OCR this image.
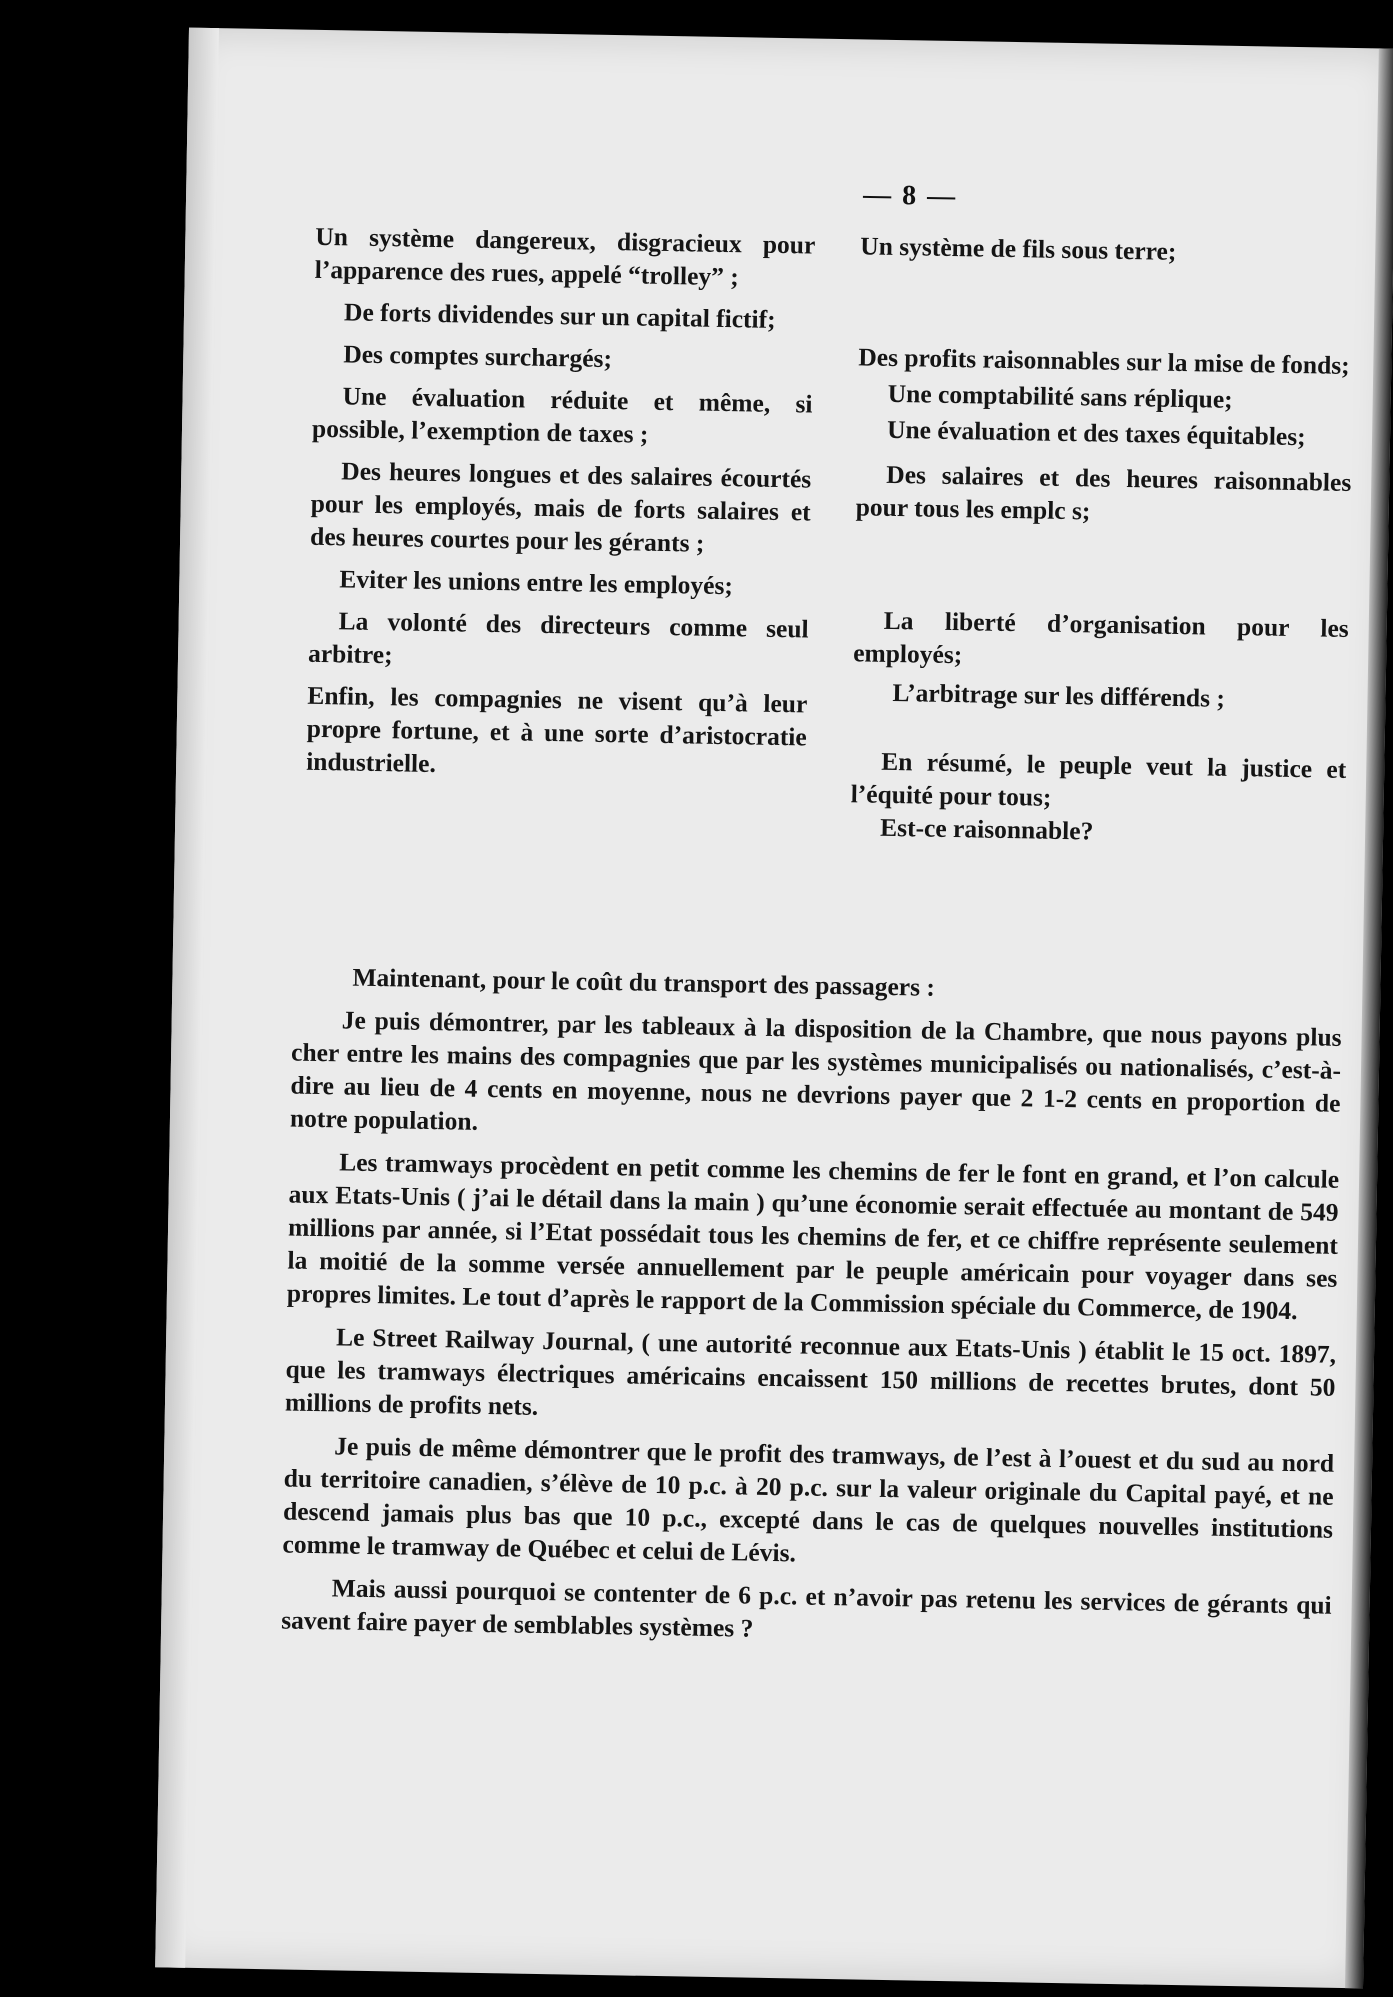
— 8 —

Un système dangereux, disgracieux pour l’apparence des rues, appelé “trolley” ;

De forts dividendes sur un capital fictif;

Des comptes surchargés;

Une évaluation réduite et même, si possible, l’exemption de taxes ;

Des heures longues et des salaires écourtés pour les employés, mais de forts salaires et des heures courtes pour les gérants ;

Eviter les unions entre les employés;

La volonté des directeurs comme seul arbitre;

Enfin, les compagnies ne visent qu’à leur propre fortune, et à une sorte d’aristocratie industrielle.

Un système de fils sous terre;

Des profits raisonnables sur la mise de fonds;

Une comptabilité sans réplique;

Une évaluation et des taxes équitables;

Des salaires et des heures raisonnables pour tous les emplc s;

La liberté d’organisation pour les employés;

L’arbitrage sur les différends ;

En résumé, le peuple veut la justice et l’équité pour tous;

Est-ce raisonnable?

Maintenant, pour le coût du transport des passagers :

Je puis démontrer, par les tableaux à la disposition de la Chambre, que nous payons plus cher entre les mains des compagnies que par les systèmes municipalisés ou nationalisés, c’est-à-dire au lieu de 4 cents en moyenne, nous ne devrions payer que 2 1-2 cents en proportion de notre population.

Les tramways procèdent en petit comme les chemins de fer le font en grand, et l’on calcule aux Etats-Unis ( j’ai le détail dans la main ) qu’une économie serait effectuée au montant de 549 millions par année, si l’Etat possédait tous les chemins de fer, et ce chiffre représente seulement la moitié de la somme versée annuellement par le peuple américain pour voyager dans ses propres limites. Le tout d’après le rapport de la Commission spéciale du Commerce, de 1904.

Le Street Railway Journal, ( une autorité reconnue aux Etats-Unis ) établit le 15 oct. 1897, que les tramways électriques américains encaissent 150 millions de recettes brutes, dont 50 millions de profits nets.

Je puis de même démontrer que le profit des tramways, de l’est à l’ouest et du sud au nord du territoire canadien, s’élève de 10 p.c. à 20 p.c. sur la valeur originale du Capital payé, et ne descend jamais plus bas que 10 p.c., excepté dans le cas de quelques nouvelles institutions comme le tramway de Québec et celui de Lévis.

Mais aussi pourquoi se contenter de 6 p.c. et n’avoir pas retenu les services de gérants qui savent faire payer de semblables systèmes ?
